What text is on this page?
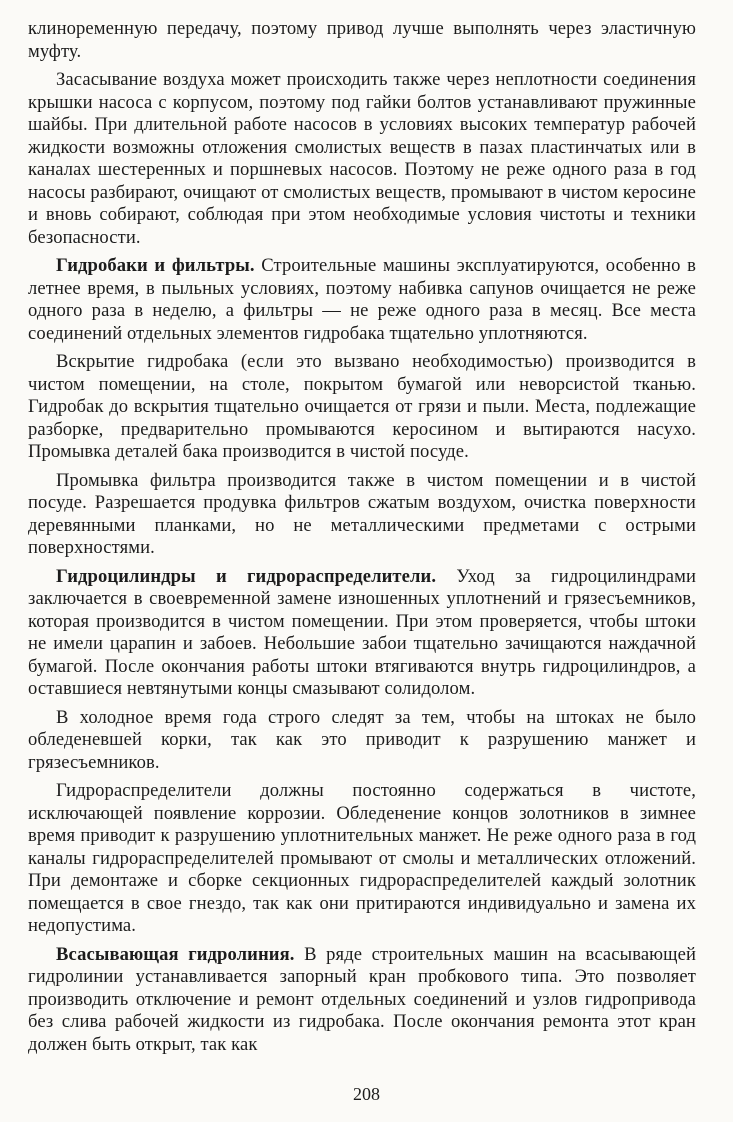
клиноременную передачу, поэтому привод лучше выполнять через эластичную муфту.

Засасывание воздуха может происходить также через неплотности соединения крышки насоса с корпусом, поэтому под гайки болтов устанавливают пружинные шайбы. При длительной работе насосов в условиях высоких температур рабочей жидкости возможны отложения смолистых веществ в пазах пластинчатых или в каналах шестеренных и поршневых насосов. Поэтому не реже одного раза в год насосы разбирают, очищают от смолистых веществ, промывают в чистом керосине и вновь собирают, соблюдая при этом необходимые условия чистоты и техники безопасности.

Гидробаки и фильтры. Строительные машины эксплуатируются, особенно в летнее время, в пыльных условиях, поэтому набивка сапунов очищается не реже одного раза в неделю, а фильтры — не реже одного раза в месяц. Все места соединений отдельных элементов гидробака тщательно уплотняются.

Вскрытие гидробака (если это вызвано необходимостью) производится в чистом помещении, на столе, покрытом бумагой или неворсистой тканью. Гидробак до вскрытия тщательно очищается от грязи и пыли. Места, подлежащие разборке, предварительно промываются керосином и вытираются насухо. Промывка деталей бака производится в чистой посуде.

Промывка фильтра производится также в чистом помещении и в чистой посуде. Разрешается продувка фильтров сжатым воздухом, очистка поверхности деревянными планками, но не металлическими предметами с острыми поверхностями.

Гидроцилиндры и гидрораспределители. Уход за гидроцилиндрами заключается в своевременной замене изношенных уплотнений и грязесъемников, которая производится в чистом помещении. При этом проверяется, чтобы штоки не имели царапин и забоев. Небольшие забои тщательно зачищаются наждачной бумагой. После окончания работы штоки втягиваются внутрь гидроцилиндров, а оставшиеся невтянутыми концы смазывают солидолом.

В холодное время года строго следят за тем, чтобы на штоках не было обледеневшей корки, так как это приводит к разрушению манжет и грязесъемников.

Гидрораспределители должны постоянно содержаться в чистоте, исключающей появление коррозии. Обледенение концов золотников в зимнее время приводит к разрушению уплотнительных манжет. Не реже одного раза в год каналы гидрораспределителей промывают от смолы и металлических отложений. При демонтаже и сборке секционных гидрораспределителей каждый золотник помещается в свое гнездо, так как они притираются индивидуально и замена их недопустима.

Всасывающая гидролиния. В ряде строительных машин на всасывающей гидролинии устанавливается запорный кран пробкового типа. Это позволяет производить отключение и ремонт отдельных соединений и узлов гидропривода без слива рабочей жидкости из гидробака. После окончания ремонта этот кран должен быть открыт, так как

208
